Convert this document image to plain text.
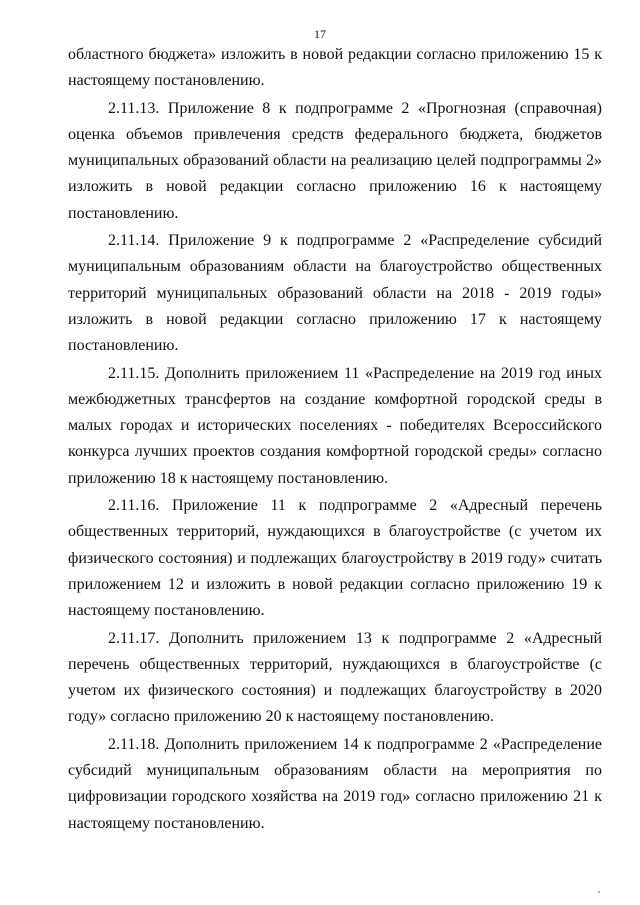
17

областного бюджета» изложить в новой редакции согласно приложению 15 к настоящему постановлению.

2.11.13. Приложение 8 к подпрограмме 2 «Прогнозная (справочная) оценка объемов привлечения средств федерального бюджета, бюджетов муниципальных образований области на реализацию целей подпрограммы 2» изложить в новой редакции согласно приложению 16 к настоящему постановлению.

2.11.14. Приложение 9 к подпрограмме 2 «Распределение субсидий муниципальным образованиям области на благоустройство общественных территорий муниципальных образований области на 2018 - 2019 годы» изложить в новой редакции согласно приложению 17 к настоящему постановлению.

2.11.15. Дополнить приложением 11 «Распределение на 2019 год иных межбюджетных трансфертов на создание комфортной городской среды в малых городах и исторических поселениях - победителях Всероссийского конкурса лучших проектов создания комфортной городской среды» согласно приложению 18 к настоящему постановлению.

2.11.16. Приложение 11 к подпрограмме 2 «Адресный перечень общественных территорий, нуждающихся в благоустройстве (с учетом их физического состояния) и подлежащих благоустройству в 2019 году» считать приложением 12 и изложить в новой редакции согласно приложению 19 к настоящему постановлению.

2.11.17. Дополнить приложением 13 к подпрограмме 2 «Адресный перечень общественных территорий, нуждающихся в благоустройстве (с учетом их физического состояния) и подлежащих благоустройству в 2020 году» согласно приложению 20 к настоящему постановлению.

2.11.18. Дополнить приложением 14 к подпрограмме 2 «Распределение субсидий муниципальным образованиям области на мероприятия по цифровизации городского хозяйства на 2019 год» согласно приложению 21 к настоящему постановлению.
